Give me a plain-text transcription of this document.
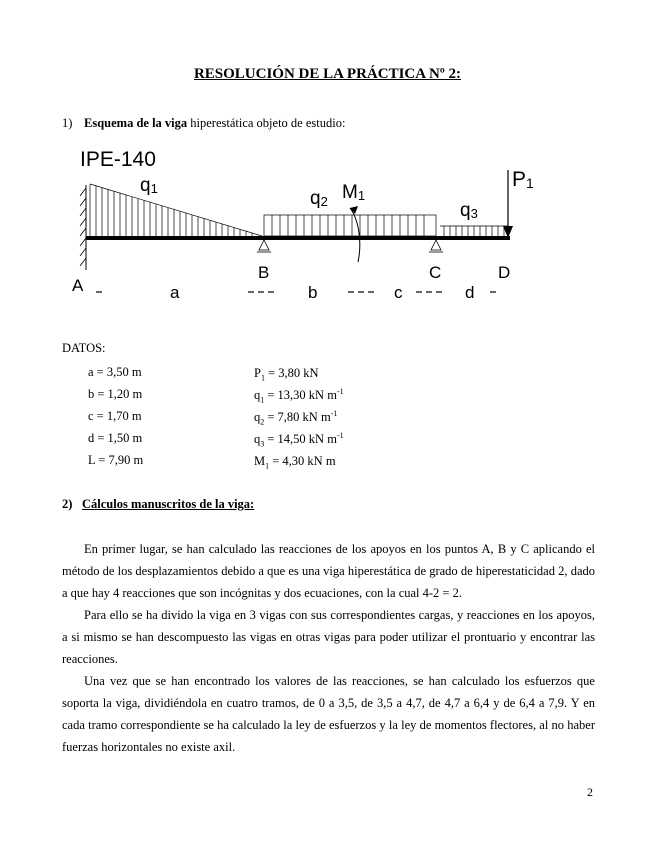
RESOLUCIÓN DE LA PRÁCTICA Nº 2:
1) Esquema de la viga hiperestática objeto de estudio:
IPE-140
q1	q2 M1
q3
P1
A
B	C	D
a	b	c	d
DATOS:
a = 3,50 m	$P_1 = 3,80$ kN
b = 1,20 m	$q_1 = 13,30$ kN $m^{-1}$
c = 1,70 m	$q_2 = 7,80$ kN $m^{-1}$
d = 1,50 m	$q_3 = 14,50$ kN $m^{-1}$
L = 7,90 m	$M_1 = 4,30$ kN m
2) Cálculos manuscritos de la viga:

En primer lugar, se han calculado las reacciones de los apoyos en los puntos A, B y C aplicando el método de los desplazamientos debido a que es una viga hiperestática de grado de hiperestaticidad 2, dado a que hay 4 reacciones que son incógnitas y dos ecuaciones, con la cual 4-2 = 2.

Para ello se ha divido la viga en 3 vigas con sus correspondientes cargas, y reacciones en los apoyos, a si mismo se han descompuesto las vigas en otras vigas para poder utilizar el prontuario y encontrar las reacciones.

Una vez que se han encontrado los valores de las reacciones, se han calculado los esfuerzos que soporta la viga, dividiéndola en cuatro tramos, de 0 a 3,5, de 3,5 a 4,7, de 4,7 a 6,4 y de 6,4 a 7,9. Y en cada tramo correspondiente se ha calculado la ley de esfuerzos y la ley de momentos flectores, al no haber fuerzas horizontales no existe axil.

2
